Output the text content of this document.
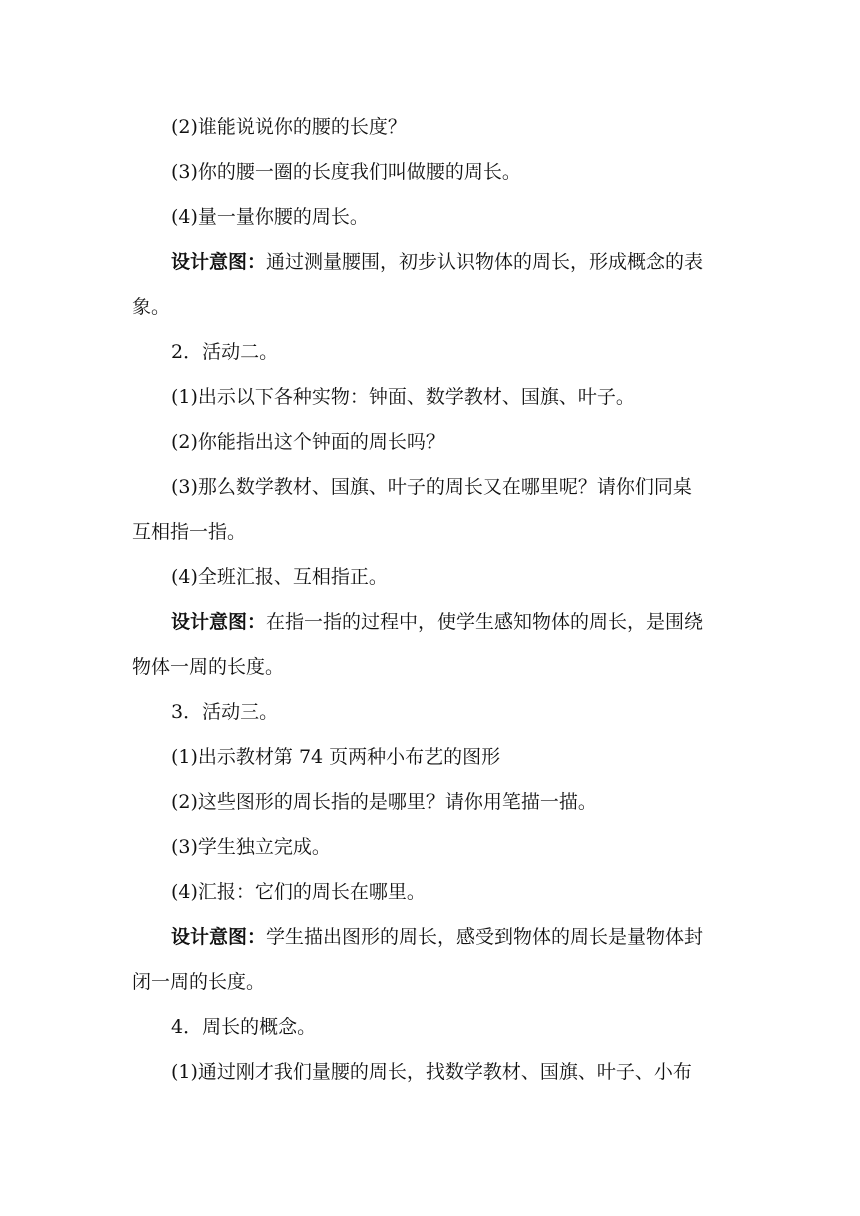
(2)谁能说说你的腰的长度？
(3)你的腰一圈的长度我们叫做腰的周长。
(4)量一量你腰的周长。
设计意图：通过测量腰围，初步认识物体的周长，形成概念的表
象。
2．活动二。
(1)出示以下各种实物：钟面、数学教材、国旗、叶子。
(2)你能指出这个钟面的周长吗？
(3)那么数学教材、国旗、叶子的周长又在哪里呢？请你们同桌
互相指一指。
(4)全班汇报、互相指正。
设计意图：在指一指的过程中，使学生感知物体的周长，是围绕
物体一周的长度。
3．活动三。
(1)出示教材第 74 页两种小布艺的图形
(2)这些图形的周长指的是哪里？请你用笔描一描。
(3)学生独立完成。
(4)汇报：它们的周长在哪里。
设计意图：学生描出图形的周长，感受到物体的周长是量物体封
闭一周的长度。
4．周长的概念。
(1)通过刚才我们量腰的周长，找数学教材、国旗、叶子、小布
